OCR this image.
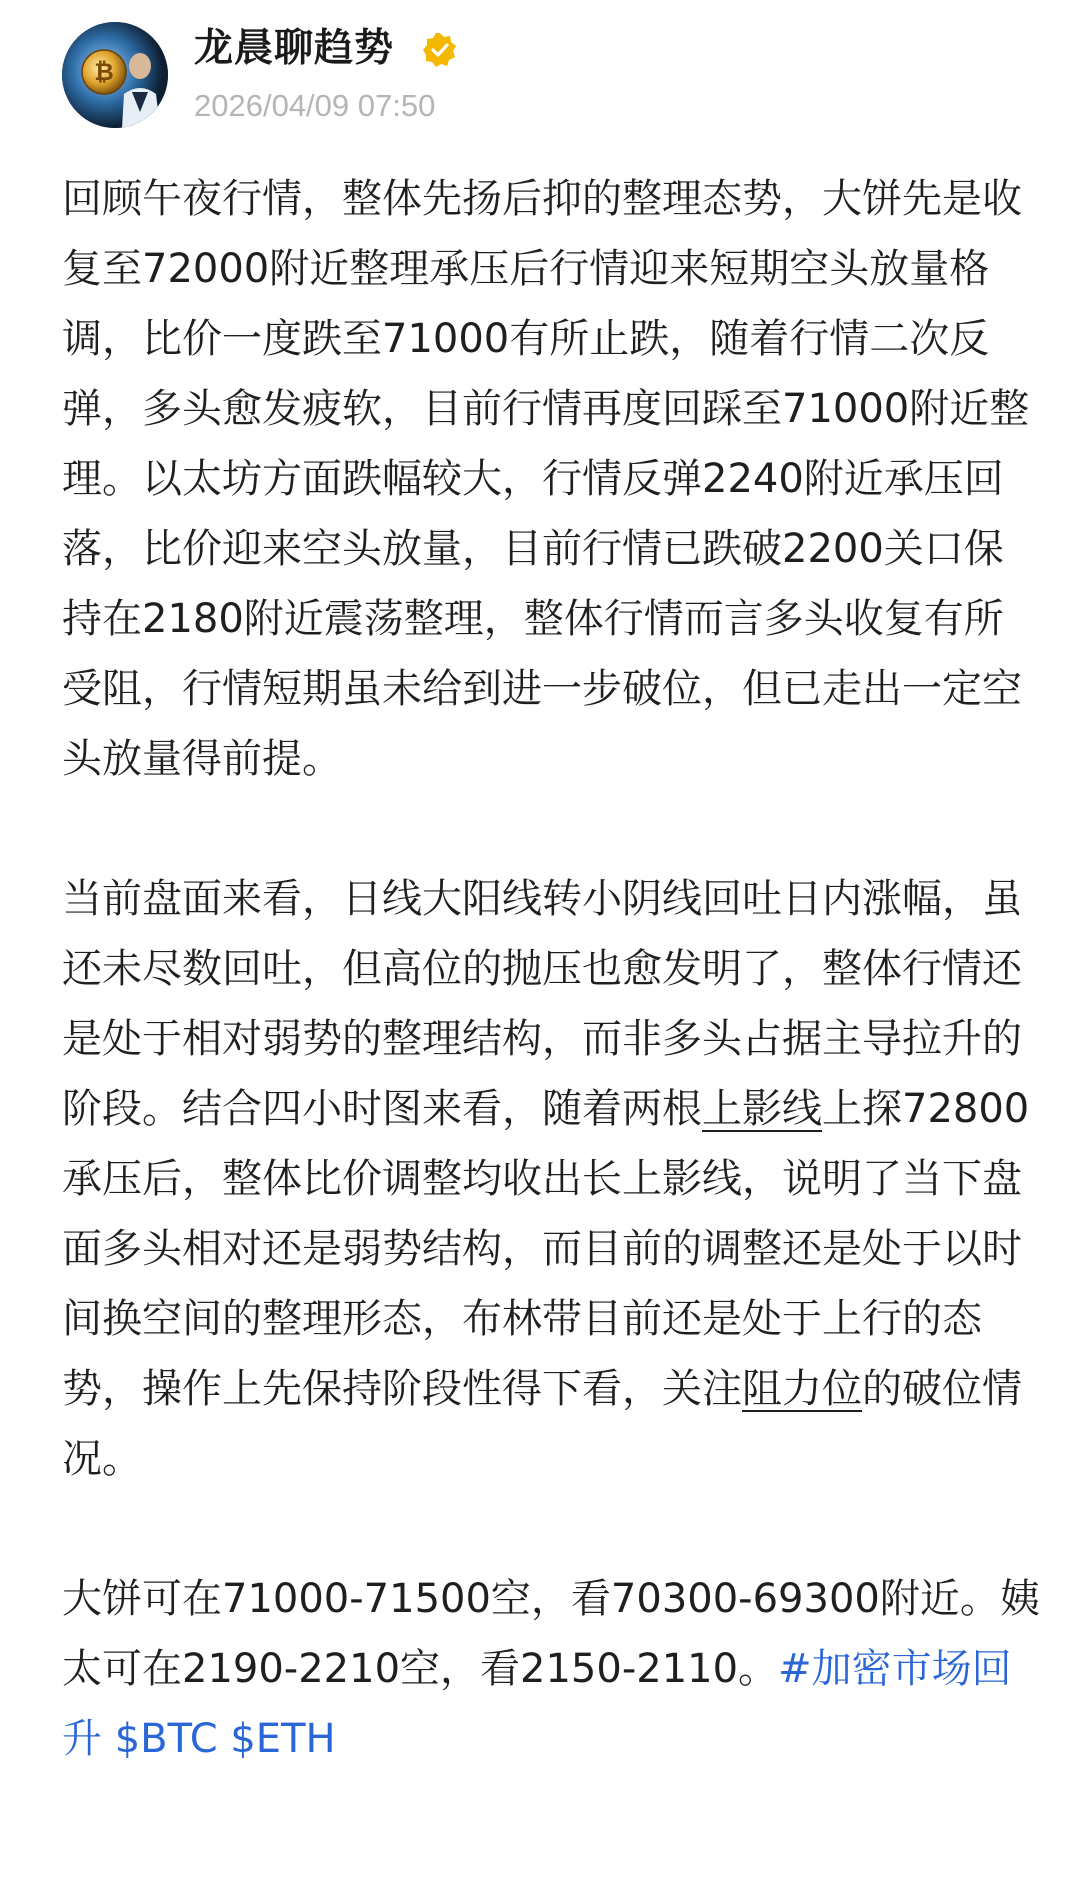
₿
龙晨聊趋势
2026/04/09 07:50

回顾午夜行情，整体先扬后抑的整理态势，大饼先是收复至72000附近整理承压后行情迎来短期空头放量格调，比价一度跌至71000有所止跌，随着行情二次反弹，多头愈发疲软，目前行情再度回踩至71000附近整理。以太坊方面跌幅较大，行情反弹2240附近承压回落，比价迎来空头放量，目前行情已跌破2200关口保持在2180附近震荡整理，整体行情而言多头收复有所受阻，行情短期虽未给到进一步破位，但已走出一定空头放量得前提。

当前盘面来看，日线大阳线转小阴线回吐日内涨幅，虽还未尽数回吐，但高位的抛压也愈发明了，整体行情还是处于相对弱势的整理结构，而非多头占据主导拉升的阶段。结合四小时图来看，随着两根上影线上探72800承压后，整体比价调整均收出长上影线，说明了当下盘面多头相对还是弱势结构，而目前的调整还是处于以时间换空间的整理形态，布林带目前还是处于上行的态势，操作上先保持阶段性得下看，关注阻力位的破位情况。

大饼可在71000-71500空，看70300-69300附近。姨太可在2190-2210空，看2150-2110。#加密市场回升 $BTC $ETH
